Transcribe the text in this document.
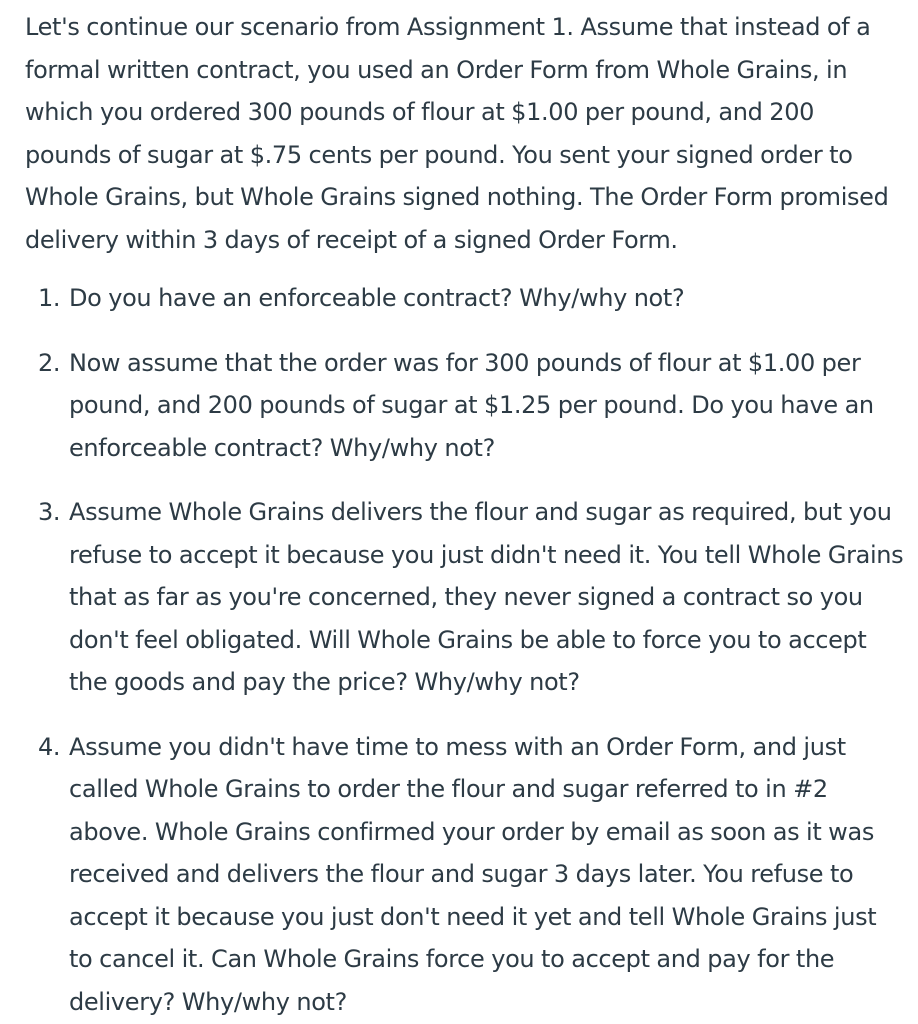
Let's continue our scenario from Assignment 1. Assume that instead of a formal written contract, you used an Order Form from Whole Grains, in which you ordered 300 pounds of flour at $1.00 per pound, and 200 pounds of sugar at $.75 cents per pound. You sent your signed order to Whole Grains, but Whole Grains signed nothing. The Order Form promised delivery within 3 days of receipt of a signed Order Form.

1. Do you have an enforceable contract? Why/why not?
2. Now assume that the order was for 300 pounds of flour at $1.00 per pound, and 200 pounds of sugar at $1.25 per pound. Do you have an enforceable contract? Why/why not?
3. Assume Whole Grains delivers the flour and sugar as required, but you refuse to accept it because you just didn't need it. You tell Whole Grains that as far as you're concerned, they never signed a contract so you don't feel obligated. Will Whole Grains be able to force you to accept the goods and pay the price? Why/why not?
4. Assume you didn't have time to mess with an Order Form, and just called Whole Grains to order the flour and sugar referred to in #2 above. Whole Grains confirmed your order by email as soon as it was received and delivers the flour and sugar 3 days later. You refuse to accept it because you just don't need it yet and tell Whole Grains just to cancel it. Can Whole Grains force you to accept and pay for the delivery? Why/why not?
